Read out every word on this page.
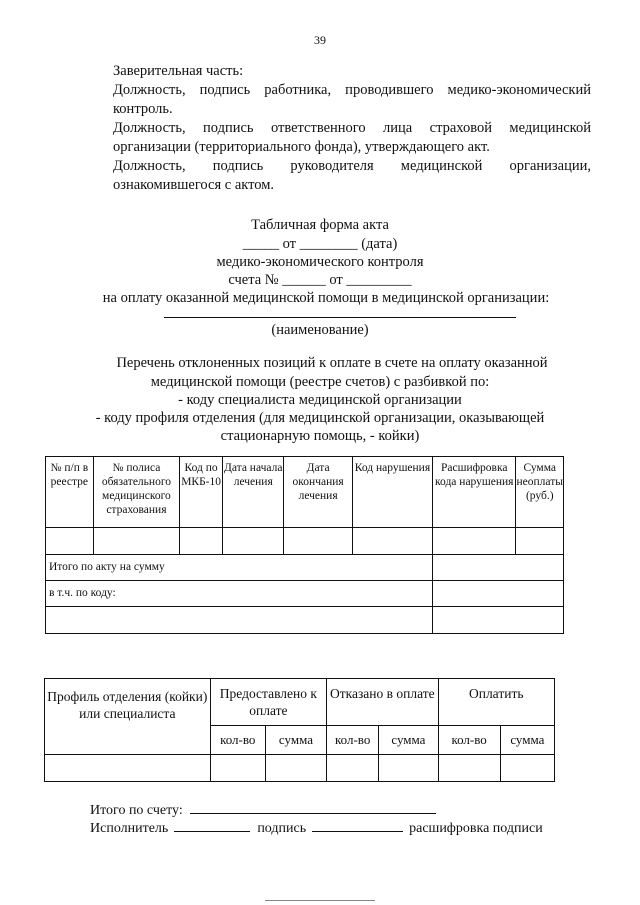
39

Заверительная часть:

Должность, подпись работника, проводившего медико-экономический контроль.

Должность, подпись ответственного лица страховой медицинской организации (территориального фонда), утверждающего акт.

Должность, подпись руководителя медицинской организации, ознакомившегося с актом.

Табличная форма акта
_____ от ________ (дата)
медико-экономического контроля
счета № ______ от _________
на оплату оказанной медицинской помощи в медицинской организации:
(наименование)
Перечень отклоненных позиций к оплате в счете на оплату оказанной
медицинской помощи (реестре счетов) с разбивкой по:
- коду специалиста медицинской организации
- коду профиля отделения (для медицинской организации, оказывающей
стационарную помощь, - койки)
№ п/п в реестре	№ полиса обязательного медицинского страхования	Код по МКБ-10	Дата начала лечения	Дата окончания лечения	Код нарушения	Расшифровка кода нарушения	Сумма неоплаты (руб.)

Итого по акту на сумму							
в т.ч. по коду:							

Профиль отделения (койки) или специалиста	Предоставлено к оплате		Отказано в оплате		Оплатить	
	кол-во	сумма	кол-во	сумма	кол-во	сумма

Итого по счету:
Исполнитель	подпись	расшифровка подписи
